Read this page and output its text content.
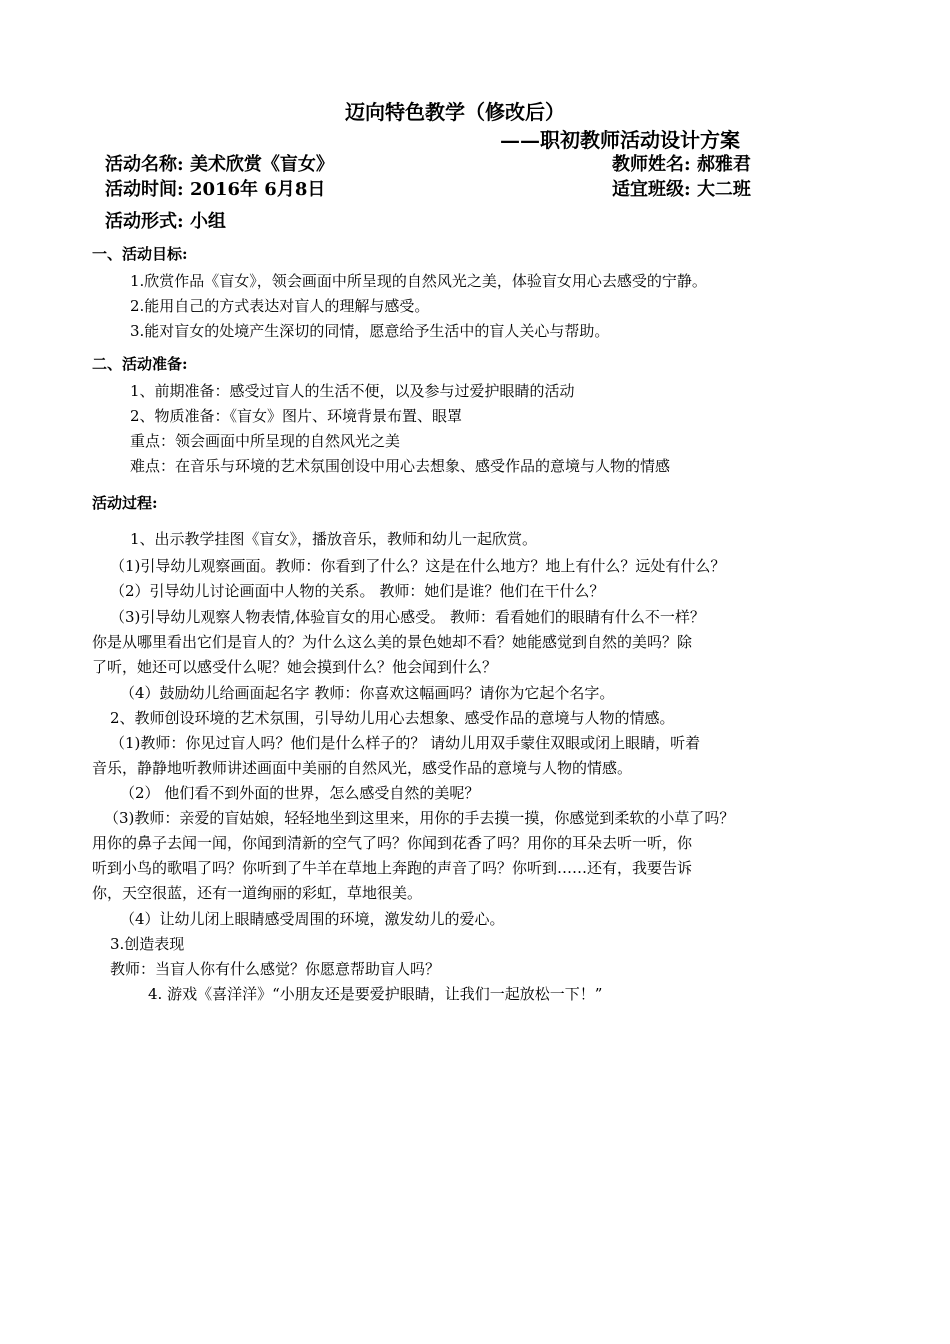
迈向特色教学（修改后）
——职初教师活动设计方案
活动名称: 美术欣赏《盲女》	教师姓名: 郝雅君
活动时间: 2016年 6月8日	适宜班级: 大二班
活动形式: 小组
一、活动目标:
1.欣赏作品《盲女》，领会画面中所呈现的自然风光之美，体验盲女用心去感受的宁静。
2.能用自己的方式表达对盲人的理解与感受。
3.能对盲女的处境产生深切的同情，愿意给予生活中的盲人关心与帮助。
二、活动准备:
1、前期准备：感受过盲人的生活不便，以及参与过爱护眼睛的活动
2、物质准备：《盲女》图片、环境背景布置、眼罩
重点：领会画面中所呈现的自然风光之美
难点：在音乐与环境的艺术氛围创设中用心去想象、感受作品的意境与人物的情感
活动过程:
1、出示教学挂图《盲女》，播放音乐，教师和幼儿一起欣赏。
（1)引导幼儿观察画面。教师：你看到了什么？这是在什么地方？地上有什么？远处有什么？
（2）引导幼儿讨论画面中人物的关系。 教师：她们是谁？他们在干什么？
（3)引导幼儿观察人物表情,体验盲女的用心感受。 教师：看看她们的眼睛有什么不一样？
你是从哪里看出它们是盲人的？为什么这么美的景色她却不看？她能感觉到自然的美吗？除
了听，她还可以感受什么呢？她会摸到什么？他会闻到什么？
（4）鼓励幼儿给画面起名字 教师：你喜欢这幅画吗？请你为它起个名字。
2、教师创设环境的艺术氛围，引导幼儿用心去想象、感受作品的意境与人物的情感。
（1)教师：你见过盲人吗？他们是什么样子的？ 请幼儿用双手蒙住双眼或闭上眼睛，听着
音乐，静静地听教师讲述画面中美丽的自然风光，感受作品的意境与人物的情感。
（2） 他们看不到外面的世界，怎么感受自然的美呢？
（3)教师：亲爱的盲姑娘，轻轻地坐到这里来，用你的手去摸一摸，你感觉到柔软的小草了吗？
用你的鼻子去闻一闻，你闻到清新的空气了吗？你闻到花香了吗？用你的耳朵去听一听，你
听到小鸟的歌唱了吗？你听到了牛羊在草地上奔跑的声音了吗？你听到……还有，我要告诉
你，天空很蓝，还有一道绚丽的彩虹，草地很美。
（4）让幼儿闭上眼睛感受周围的环境，激发幼儿的爱心。
3.创造表现
教师：当盲人你有什么感觉？你愿意帮助盲人吗？
4. 游戏《喜洋洋》“小朋友还是要爱护眼睛，让我们一起放松一下！”
